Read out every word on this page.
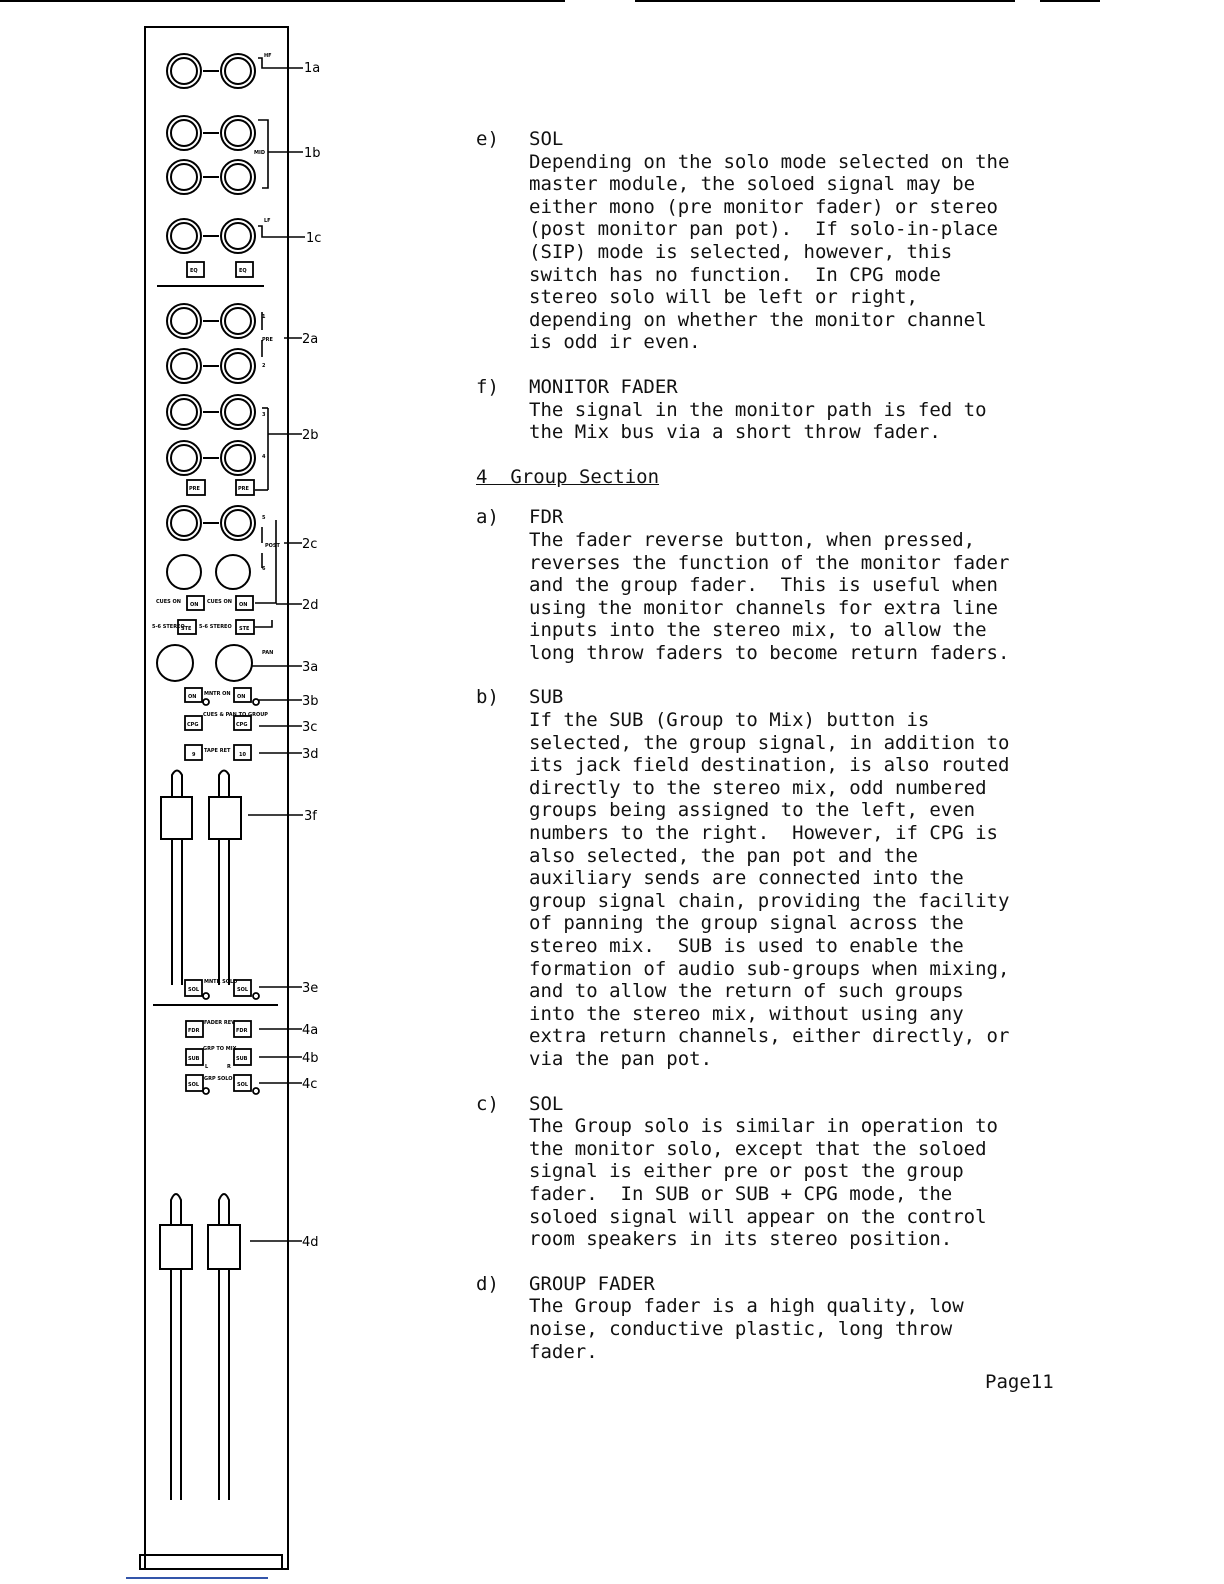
1a
1b
1c
2a
2b
2c
2d
3a
3b
3c
3d
3f
3e
4a
4b
4c
4d
HF
MID
LF
EQ	EQ
1
PRE
2
3
4
PRE	PRE
5
POST
6
CUES ON ON CUES ON ON
5-6 STEREO
STE 5-6 STEREO STE
PAN
ON MNTR ON ON
CPG
CUES & PAN TO GROUP
CPG
9
TAPE RET
10
SOL
MNTR SOLO
SOL
FDR
FADER REV
FDR
SUB
GRP TO MIX
L	R
SUB
SOL
GRP SOLO
SOL
e) SOL
Depending on the solo mode selected on the
master module, the soloed signal may be
either mono (pre monitor fader) or stereo
(post monitor pan pot).  If solo-in-place
(SIP) mode is selected, however, this
switch has no function.  In CPG mode
stereo solo will be left or right,
depending on whether the monitor channel
is odd ir even.
f) MONITOR FADER
The signal in the monitor path is fed to
the Mix bus via a short throw fader.
4  Group Section
a) FDR
The fader reverse button, when pressed,
reverses the function of the monitor fader
and the group fader.  This is useful when
using the monitor channels for extra line
inputs into the stereo mix, to allow the
long throw faders to become return faders.
b) SUB
If the SUB (Group to Mix) button is
selected, the group signal, in addition to
its jack field destination, is also routed
directly to the stereo mix, odd numbered
groups being assigned to the left, even
numbers to the right.  However, if CPG is
also selected, the pan pot and the
auxiliary sends are connected into the
group signal chain, providing the facility
of panning the group signal across the
stereo mix.  SUB is used to enable the
formation of audio sub-groups when mixing,
and to allow the return of such groups
into the stereo mix, without using any
extra return channels, either directly, or
via the pan pot.
c) SOL
The Group solo is similar in operation to
the monitor solo, except that the soloed
signal is either pre or post the group
fader.  In SUB or SUB + CPG mode, the
soloed signal will appear on the control
room speakers in its stereo position.
d) GROUP FADER
The Group fader is a high quality, low
noise, conductive plastic, long throw
fader.
Page11
